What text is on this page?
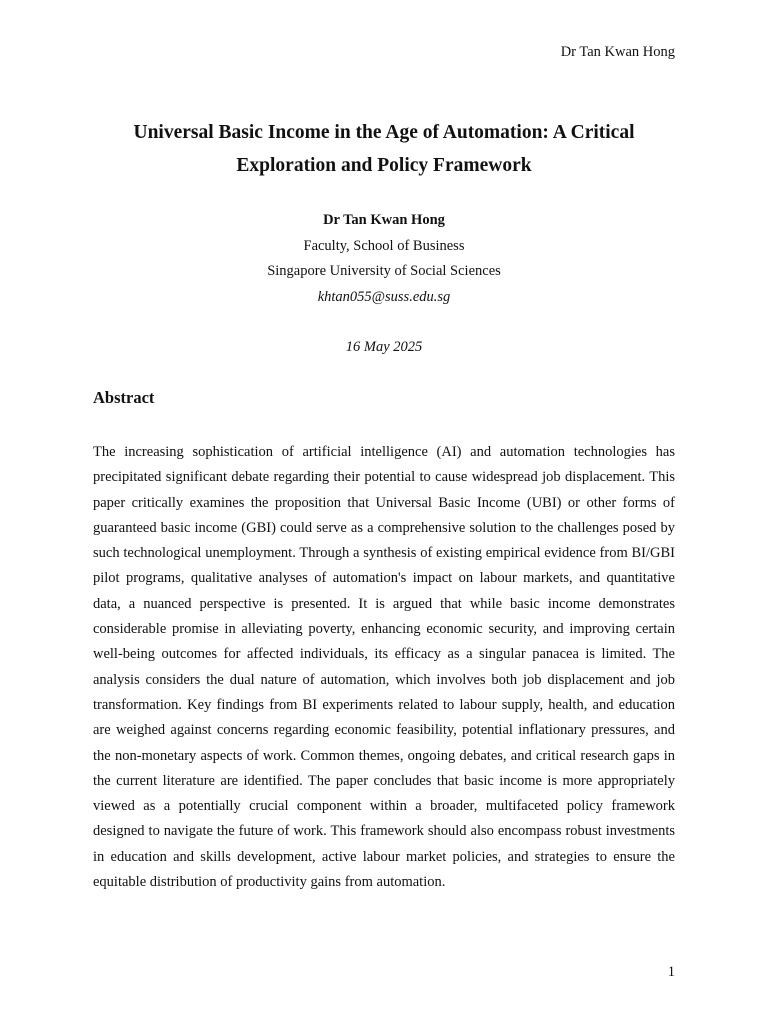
Dr Tan Kwan Hong
Universal Basic Income in the Age of Automation: A Critical Exploration and Policy Framework
Dr Tan Kwan Hong
Faculty, School of Business
Singapore University of Social Sciences
khtan055@suss.edu.sg
16 May 2025
Abstract

The increasing sophistication of artificial intelligence (AI) and automation technologies has precipitated significant debate regarding their potential to cause widespread job displacement. This paper critically examines the proposition that Universal Basic Income (UBI) or other forms of guaranteed basic income (GBI) could serve as a comprehensive solution to the challenges posed by such technological unemployment. Through a synthesis of existing empirical evidence from BI/GBI pilot programs, qualitative analyses of automation's impact on labour markets, and quantitative data, a nuanced perspective is presented. It is argued that while basic income demonstrates considerable promise in alleviating poverty, enhancing economic security, and improving certain well-being outcomes for affected individuals, its efficacy as a singular panacea is limited. The analysis considers the dual nature of automation, which involves both job displacement and job transformation. Key findings from BI experiments related to labour supply, health, and education are weighed against concerns regarding economic feasibility, potential inflationary pressures, and the non-monetary aspects of work. Common themes, ongoing debates, and critical research gaps in the current literature are identified. The paper concludes that basic income is more appropriately viewed as a potentially crucial component within a broader, multifaceted policy framework designed to navigate the future of work. This framework should also encompass robust investments in education and skills development, active labour market policies, and strategies to ensure the equitable distribution of productivity gains from automation.

1
